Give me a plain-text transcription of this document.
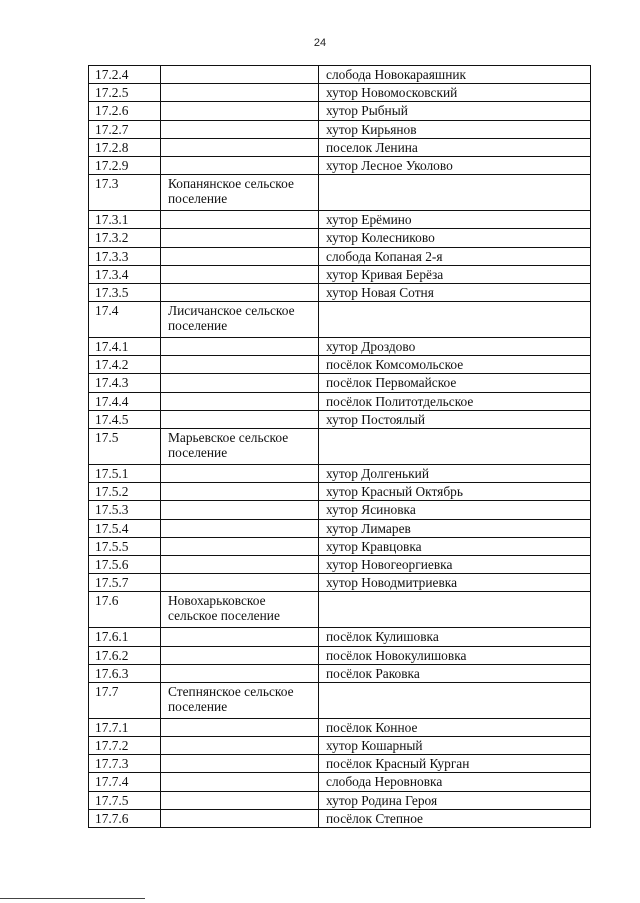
24
17.2.4		слобода Новокараяшник
17.2.5		хутор Новомосковский
17.2.6		хутор Рыбный
17.2.7		хутор Кирьянов
17.2.8		поселок Ленина
17.2.9		хутор Лесное Уколово
17.3	Копанянское сельское поселение	
17.3.1		хутор Ерёмино
17.3.2		хутор Колесниково
17.3.3		слобода Копаная 2-я
17.3.4		хутор Кривая Берёза
17.3.5		хутор Новая Сотня
17.4	Лисичанское сельское поселение	
17.4.1		хутор Дроздово
17.4.2		посёлок Комсомольское
17.4.3		посёлок Первомайское
17.4.4		посёлок Политотдельское
17.4.5		хутор Постоялый
17.5	Марьевское сельское поселение	
17.5.1		хутор Долгенький
17.5.2		хутор Красный Октябрь
17.5.3		хутор Ясиновка
17.5.4		хутор Лимарев
17.5.5		хутор Кравцовка
17.5.6		хутор Новогеоргиевка
17.5.7		хутор Новодмитриевка
17.6	Новохарьковское сельское поселение	
17.6.1		посёлок Кулишовка
17.6.2		посёлок Новокулишовка
17.6.3		посёлок Раковка
17.7	Степнянское сельское поселение	
17.7.1		посёлок Конное
17.7.2		хутор Кошарный
17.7.3		посёлок Красный Курган
17.7.4		слобода Неровновка
17.7.5		хутор Родина Героя
17.7.6		посёлок Степное
